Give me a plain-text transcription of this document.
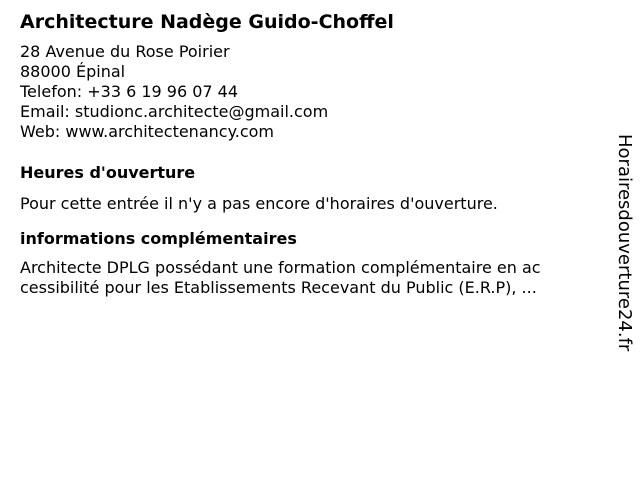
Architecture Nadège Guido-Choffel
28 Avenue du Rose Poirier
88000 Épinal
Telefon: +33 6 19 96 07 44
Email: studionc.architecte@gmail.com
Web: www.architectenancy.com
Heures d'ouverture
Pour cette entrée il n'y a pas encore d'horaires d'ouverture.
informations complémentaires
Architecte DPLG possédant une formation complémentaire en ac
cessibilité pour les Etablissements Recevant du Public (E.R.P), ...	Horairesdouverture24.fr
